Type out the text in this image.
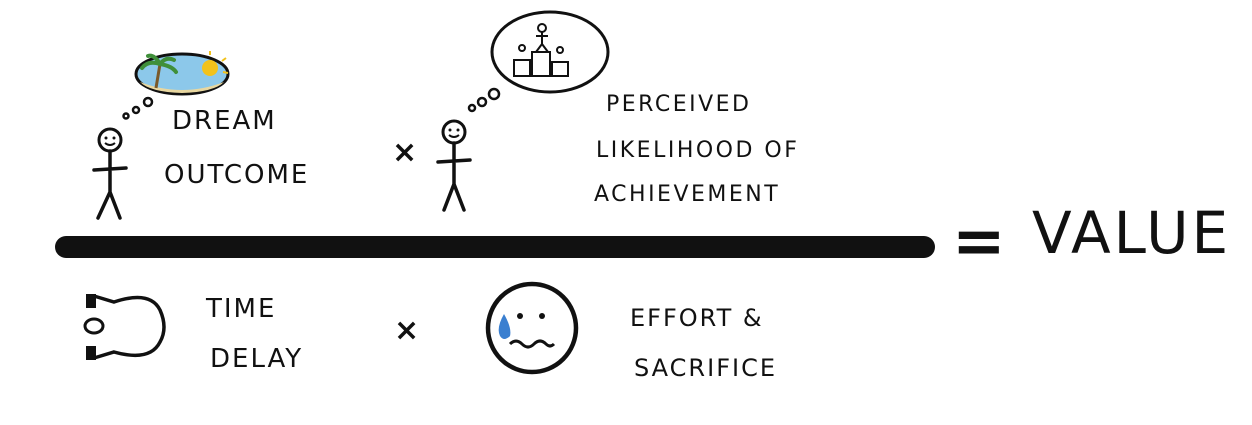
DREAM
OUTCOME
×
PERCEIVED
LIKELIHOOD OF
ACHIEVEMENT
= VALUE
TIME
DELAY
×	EFFORT &
SACRIFICE
